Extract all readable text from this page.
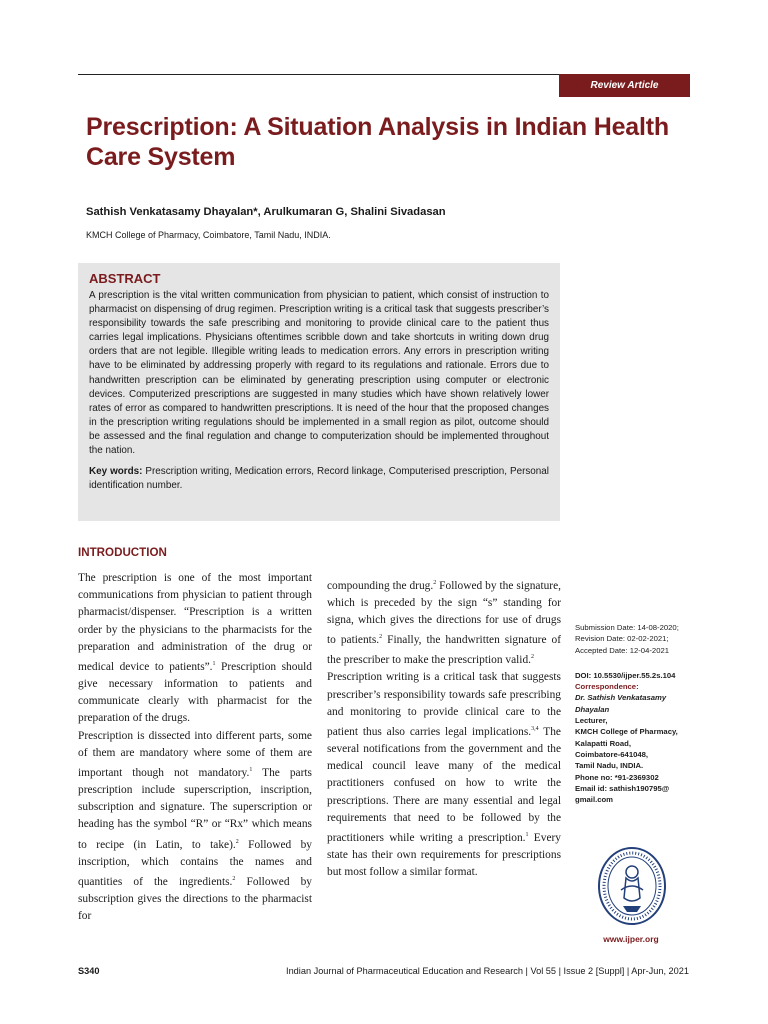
Review Article
Prescription: A Situation Analysis in Indian Health Care System
Sathish Venkatasamy Dhayalan*, Arulkumaran G, Shalini Sivadasan
KMCH College of Pharmacy, Coimbatore, Tamil Nadu, INDIA.
ABSTRACT

A prescription is the vital written communication from physician to patient, which consist of instruction to pharmacist on dispensing of drug regimen. Prescription writing is a critical task that suggests prescriber’s responsibility towards the safe prescribing and monitoring to provide clinical care to the patient thus carries legal implications. Physicians oftentimes scribble down and take shortcuts in writing down drug orders that are not legible. Illegible writing leads to medication errors. Any errors in prescription writing have to be eliminated by addressing properly with regard to its regulations and rationale. Errors due to handwritten prescription can be eliminated by generating prescription using computer or electronic devices. Computerized prescriptions are suggested in many studies which have shown relatively lower rates of error as compared to handwritten prescriptions. It is need of the hour that the proposed changes in the prescription writing regulations should be implemented in a small region as pilot, outcome should be assessed and the final regulation and change to computerization should be implemented throughout the nation.

Key words: Prescription writing, Medication errors, Record linkage, Computerised prescription, Personal identification number.

INTRODUCTION

The prescription is one of the most important communications from physician to patient through pharmacist/dispenser. “Prescription is a written order by the physicians to the pharmacists for the preparation and administration of the drug or medical device to patients”.$^1$ Prescription should give necessary information to patients and communicate clearly with pharmacist for the preparation of the drugs.

Prescription is dissected into different parts, some of them are mandatory where some of them are important though not mandatory.$^1$ The parts prescription include superscription, inscription, subscription and signature. The superscription or heading has the symbol “R” or “Rx” which means to recipe (in Latin, to take).$^2$ Followed by inscription, which contains the names and quantities of the ingredients.$^2$ Followed by subscription gives the directions to the pharmacist for

compounding the drug.$^2$ Followed by the signature, which is preceded by the sign “s” standing for signa, which gives the directions for use of drugs to patients.$^2$ Finally, the handwritten signature of the prescriber to make the prescription valid.$^2$

Prescription writing is a critical task that suggests prescriber’s responsibility towards safe prescribing and monitoring to provide clinical care to the patient thus also carries legal implications.$^{3,4}$ The several notifications from the government and the medical council leave many of the medical practitioners confused on how to write the prescriptions. There are many essential and legal requirements that need to be followed by the practitioners while writing a prescription.$^1$ Every state has their own requirements for prescriptions but most follow a similar format.

Submission Date: 14-08-2020;
Revision Date: 02-02-2021;
Accepted Date: 12-04-2021
DOI: 10.5530/ijper.55.2s.104
Correspondence:
Dr. Sathish Venkatasamy Dhayalan
Lecturer,
KMCH College of Pharmacy,
Kalapatti Road,
Coimbatore-641048,
Tamil Nadu, INDIA.
Phone no: *91-2369302
Email id: sathish190795@ gmail.com
www.ijper.org
S340	Indian Journal of Pharmaceutical Education and Research | Vol 55 | Issue 2 [Suppl] | Apr-Jun, 2021
